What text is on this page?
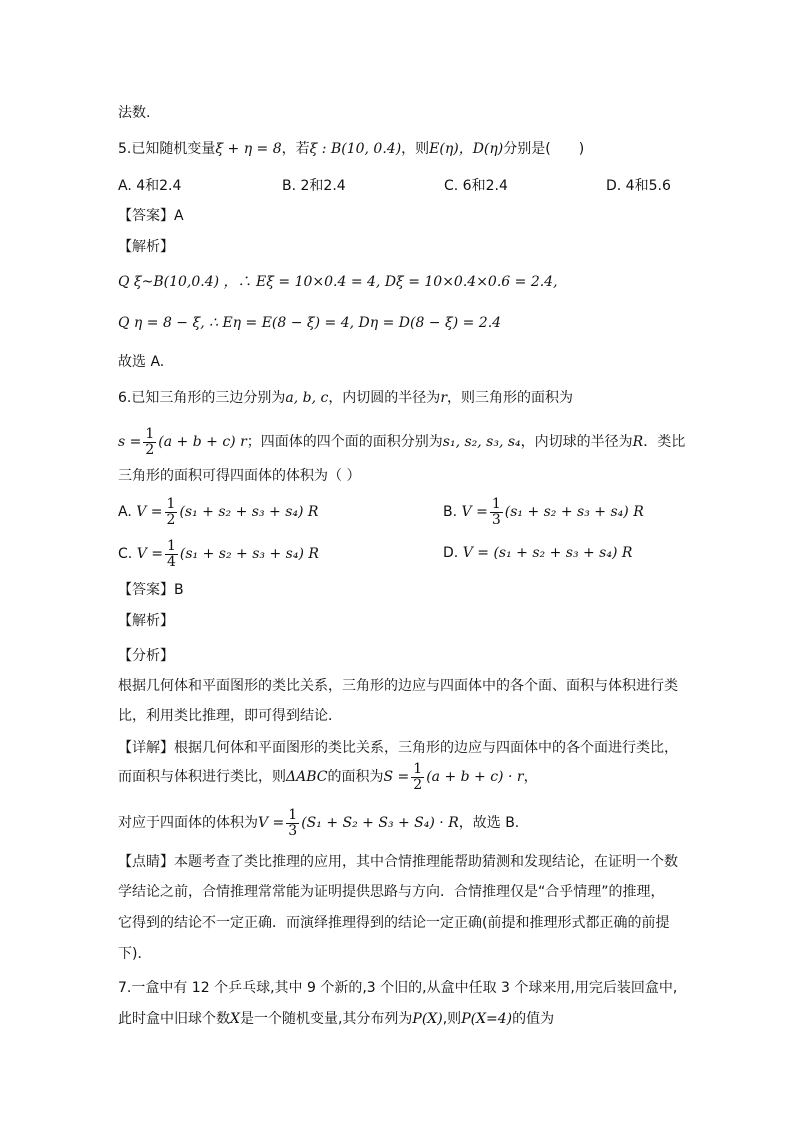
法数.
5.已知随机变量ξ + η = 8，若ξ : B(10, 0.4)，则E(η)，D(η)分别是(　　)
A. 4和2.4	B. 2和2.4	C. 6和2.4	D. 4和5.6
【答案】A
【解析】
Q ξ~B(10,0.4) ，∴ Eξ = 10×0.4 = 4, Dξ = 10×0.4×0.6 = 2.4,
Q η = 8 − ξ, ∴ Eη = E(8 − ξ) = 4, Dη = D(8 − ξ) = 2.4
故选 A.
6.已知三角形的三边分别为a, b, c，内切圆的半径为r，则三角形的面积为
$s = \frac{1}{2} (a + b + c)$ r；四面体的四个面的面积分别为s₁, s₂, s₃, s₄，内切球的半径为R．类比
三角形的面积可得四面体的体积为（ ）
A. $V = \frac{1}{2} (s_1 + s_2 + s_3 + s_4)$ R	B. $V = \frac{1}{3} (s_1 + s_2 + s_3 + s_4)$ R
C. $V = \frac{1}{4} (s_1 + s_2 + s_3 + s_4)$ R	D. V = (s₁ + s₂ + s₃ + s₄) R
【答案】B
【解析】
【分析】
根据几何体和平面图形的类比关系，三角形的边应与四面体中的各个面、面积与体积进行类
比，利用类比推理，即可得到结论．
【详解】根据几何体和平面图形的类比关系，三角形的边应与四面体中的各个面进行类比，
而面积与体积进行类比，则ΔABC的面积为$S = \frac{1}{2} (a + b + c) \cdot r$，
对应于四面体的体积为$V = \frac{1}{3} (S_1 + S_2 + S_3 + S_4) \cdot R$，故选 B.
【点睛】本题考查了类比推理的应用，其中合情推理能帮助猜测和发现结论，在证明一个数
学结论之前，合情推理常常能为证明提供思路与方向．合情推理仅是“合乎情理”的推理，
它得到的结论不一定正确．而演绎推理得到的结论一定正确(前提和推理形式都正确的前提
下)．
7.一盒中有 12 个乒乓球,其中 9 个新的,3 个旧的,从盒中任取 3 个球来用,用完后装回盒中,
此时盒中旧球个数X是一个随机变量,其分布列为P(X),则P(X=4)的值为
